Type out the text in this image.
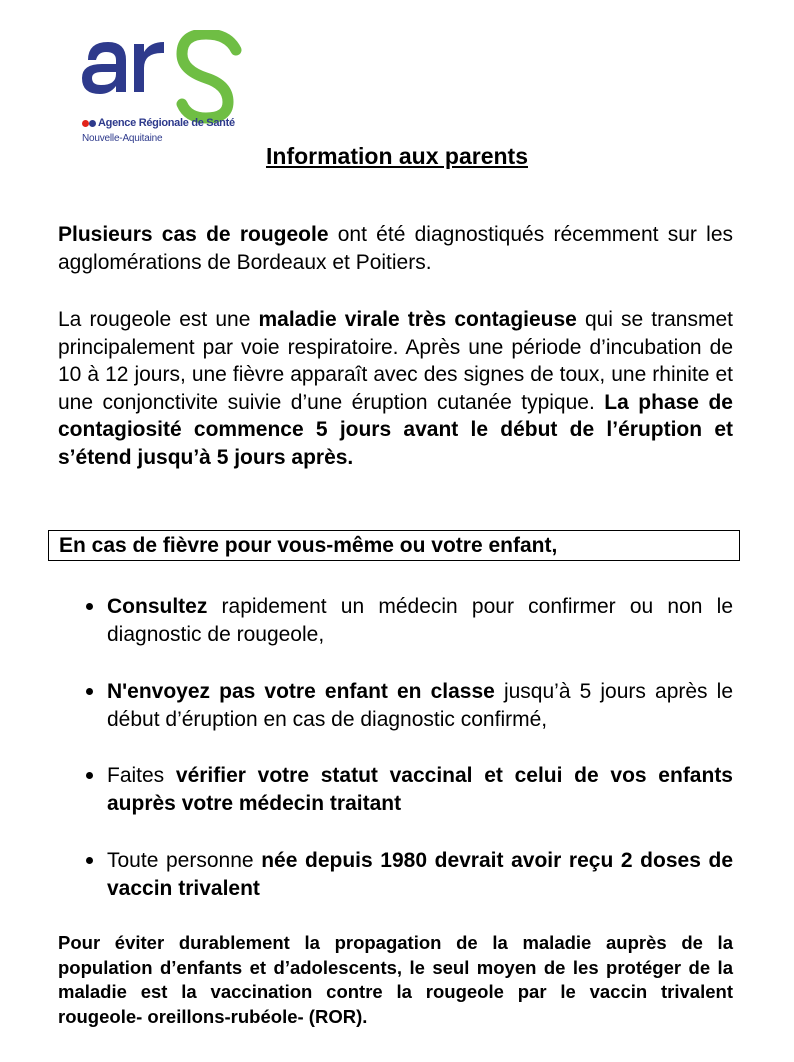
Agence Régionale de Santé
Nouvelle-Aquitaine
Information aux parents
Plusieurs cas de rougeole ont été diagnostiqués récemment sur les agglomérations de Bordeaux et Poitiers.
La rougeole est une maladie virale très contagieuse qui se transmet principalement par voie respiratoire. Après une période d’incubation de 10 à 12 jours, une fièvre apparaît avec des signes de toux, une rhinite et une conjonctivite suivie d’une éruption cutanée typique. La phase de contagiosité commence 5 jours avant le début de l’éruption et s’étend jusqu’à 5 jours après.
En cas de fièvre pour vous-même ou votre enfant,
Consultez rapidement un médecin pour confirmer ou non le diagnostic de rougeole,
N'envoyez pas votre enfant en classe jusqu’à 5 jours après le début d’éruption en cas de diagnostic confirmé,
Faites vérifier votre statut vaccinal et celui de vos enfants auprès votre médecin traitant
Toute personne née depuis 1980 devrait avoir reçu 2 doses de vaccin trivalent
Pour éviter durablement la propagation de la maladie auprès de la population d’enfants et d’adolescents, le seul moyen de les protéger de la maladie est la vaccination contre la rougeole par le vaccin trivalent rougeole- oreillons-rubéole- (ROR).
